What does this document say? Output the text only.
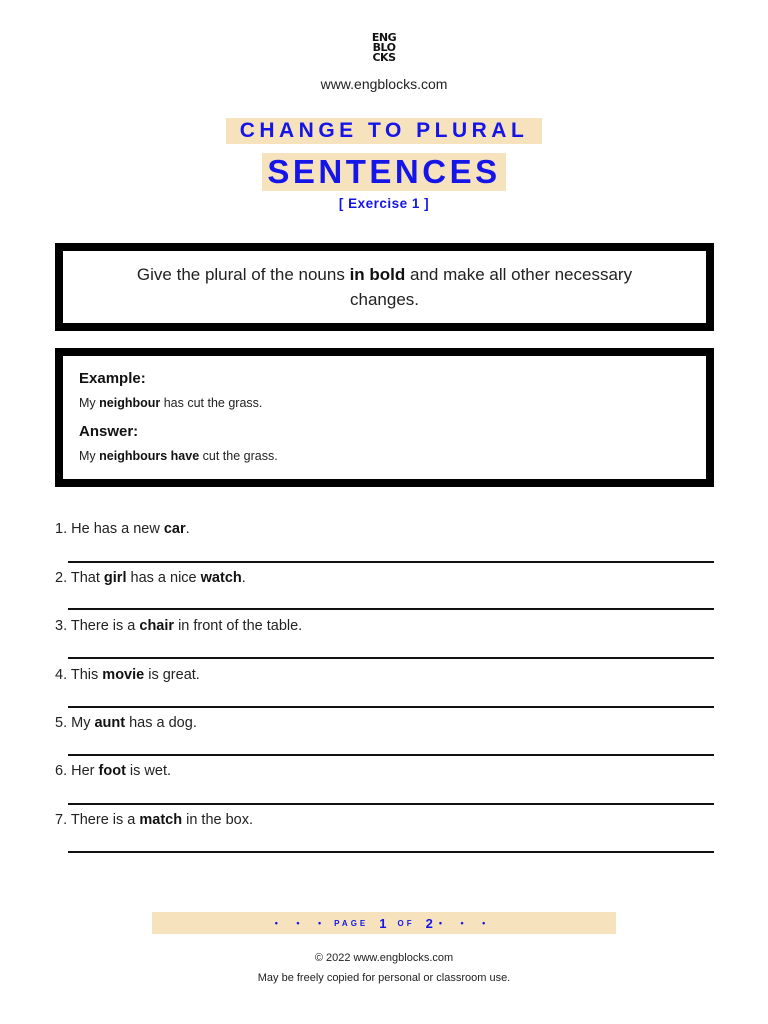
ENG
BLO
CKS
www.engblocks.com
CHANGE TO PLURAL
SENTENCES
[ Exercise 1 ]
Give the plural of the nouns in bold and make all other necessary changes.
Example:
My neighbour has cut the grass.
Answer:
My neighbours have cut the grass.
1. He has a new car.
2. That girl has a nice watch.
3. There is a chair in front of the table.
4. This movie is great.
5. My aunt has a dog.
6. Her foot is wet.
7. There is a match in the box.
• • • PAGE 1 OF 2 • • •
© 2022 www.engblocks.com
May be freely copied for personal or classroom use.
